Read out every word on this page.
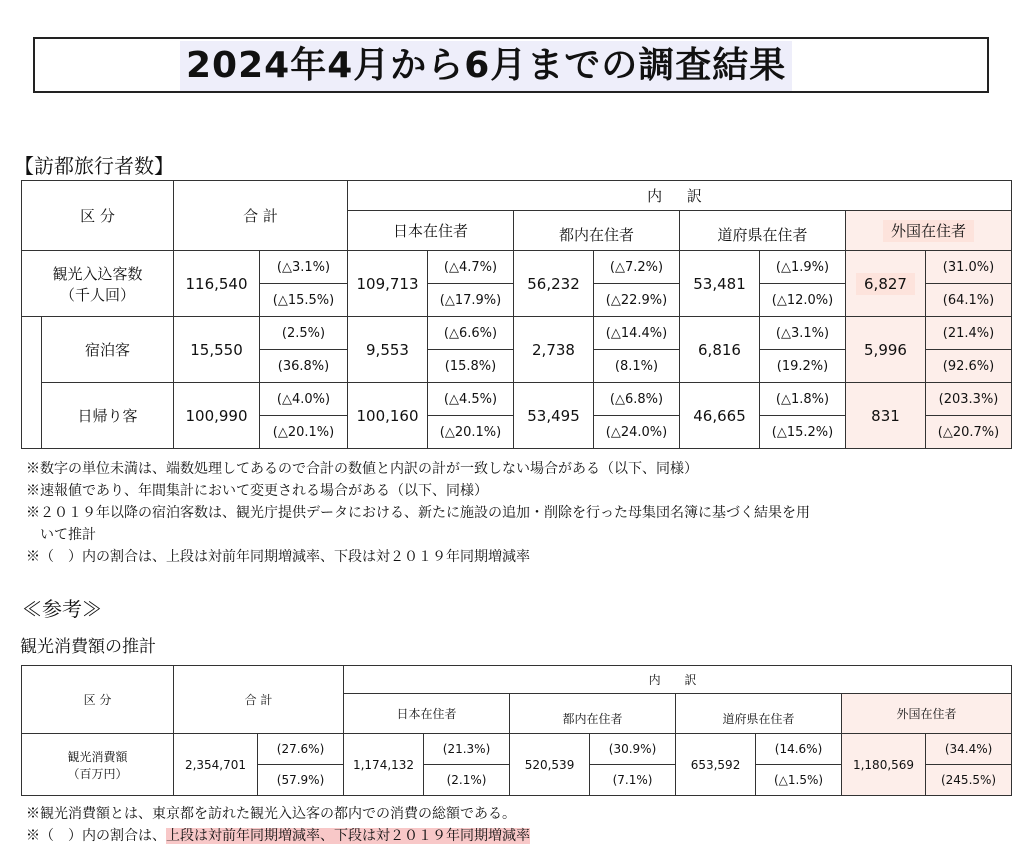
2024年4月から6月までの調査結果
【訪都旅行者数】
区 分		合 計		内 訳							
				日本在住者		都内在住者		道府県在住者		外国在住者	

観光入込客数
（千人回）		116,540	(△3.1%)	109,713	(△4.7%)	56,232	(△7.2%)	53,481	(△1.9%)	6,827	(31.0%)
			(△15.5%)		(△17.9%)		(△22.9%)		(△12.0%)		(64.1%)
	宿泊客	15,550	(2.5%)	9,553	(△6.6%)	2,738	(△14.4%)	6,816	(△3.1%)	5,996	(21.4%)
			(36.8%)		(15.8%)		(8.1%)		(19.2%)		(92.6%)
	日帰り客	100,990	(△4.0%)	100,160	(△4.5%)	53,495	(△6.8%)	46,665	(△1.8%)	831	(203.3%)
			(△20.1%)		(△20.1%)		(△24.0%)		(△15.2%)		(△20.7%)
※数字の単位未満は、端数処理してあるので合計の数値と内訳の計が一致しない場合がある（以下、同様）
※速報値であり、年間集計において変更される場合がある（以下、同様）
※２０１９年以降の宿泊客数は、観光庁提供データにおける、新たに施設の追加・削除を行った母集団名簿に基づく結果を用
　いて推計
※（　）内の割合は、上段は対前年同期増減率、下段は対２０１９年同期増減率
≪参考≫
観光消費額の推計
区 分	合 計		内 訳							
			日本在住者		都内在住者		道府県在住者		外国在住者	

観光消費額
（百万円）	2,354,701	(27.6%)	1,174,132	(21.3%)	520,539	(30.9%)	653,592	(14.6%)	1,180,569	(34.4%)
		(57.9%)		(2.1%)		(7.1%)		(△1.5%)		(245.5%)
※観光消費額とは、東京都を訪れた観光入込客の都内での消費の総額である。
※（　）内の割合は、上段は対前年同期増減率、下段は対２０１９年同期増減率
